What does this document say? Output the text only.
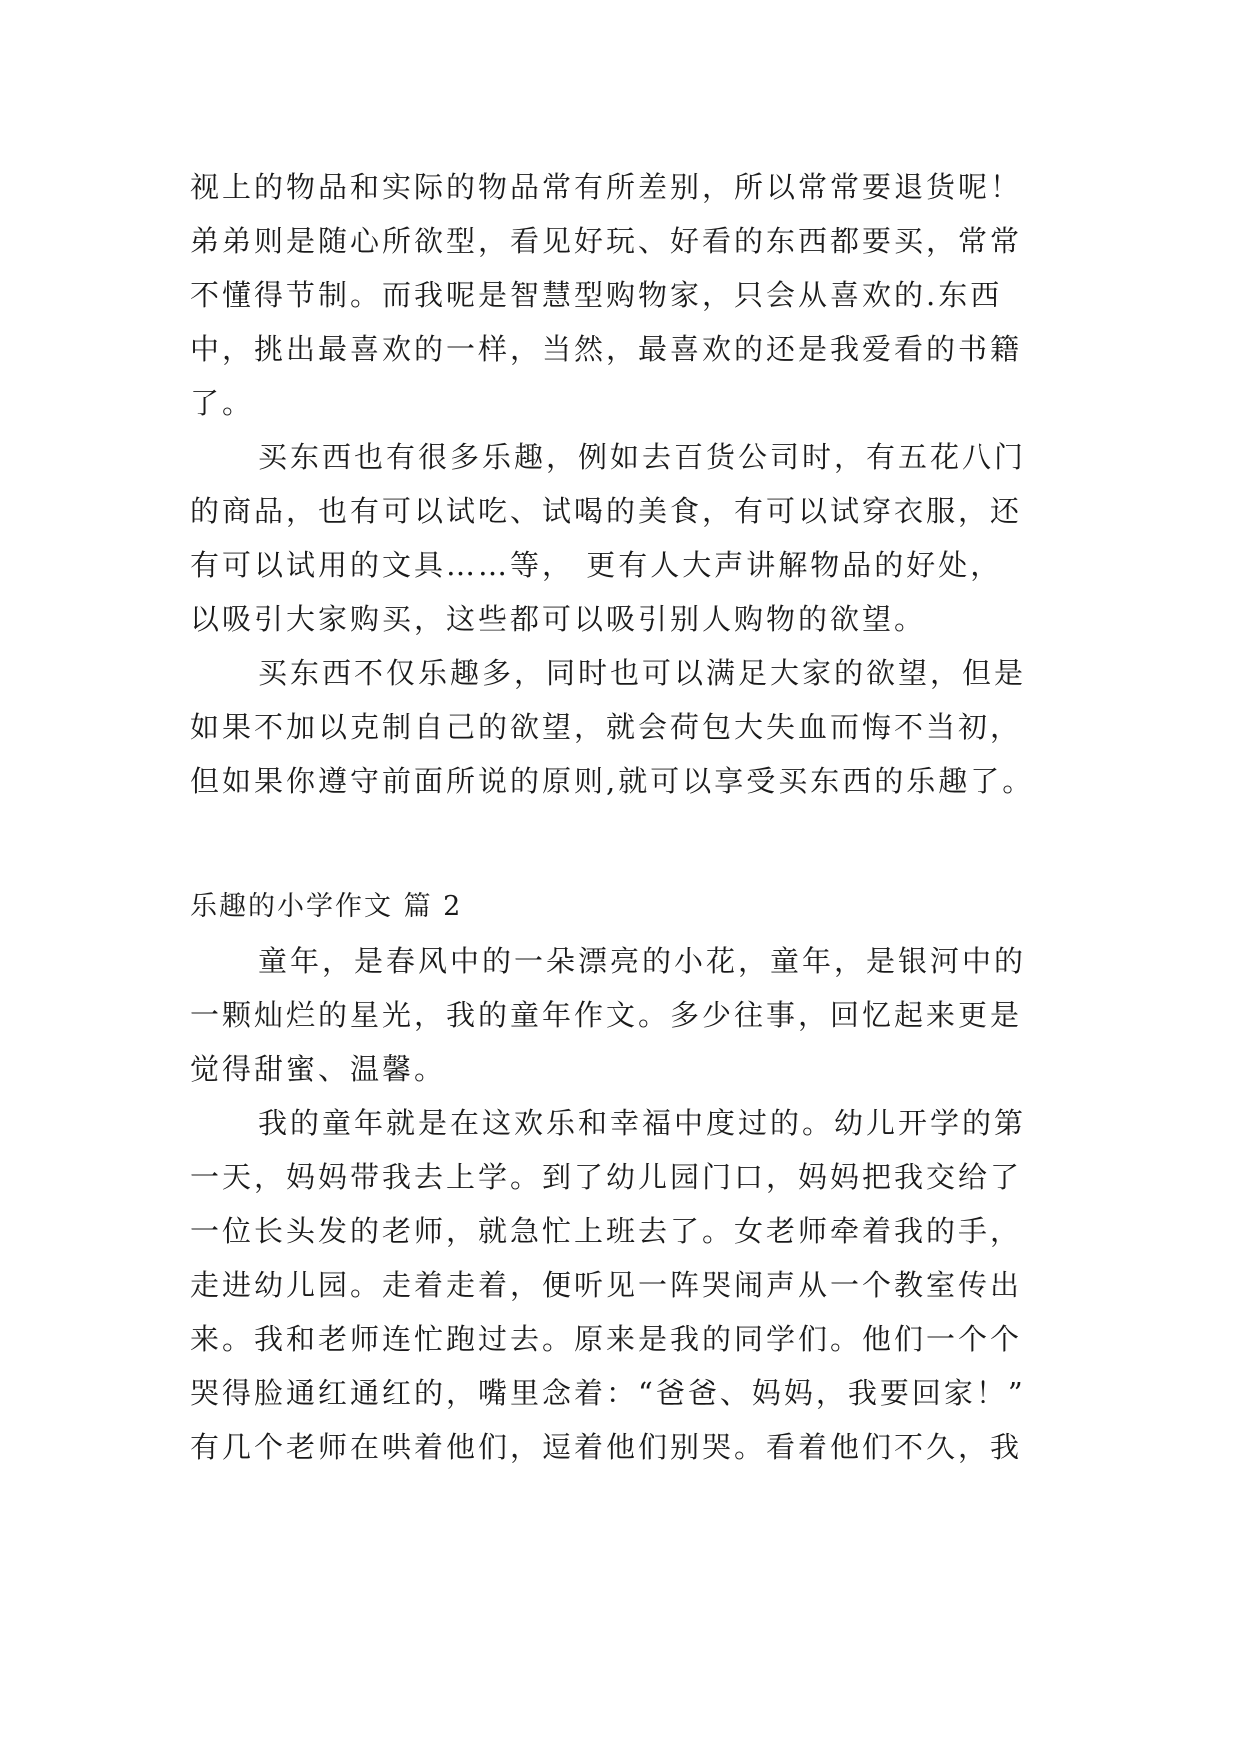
视上的物品和实际的物品常有所差别，所以常常要退货呢！
弟弟则是随心所欲型，看见好玩、好看的东西都要买，常常
不懂得节制。而我呢是智慧型购物家，只会从喜欢的.东西
中，挑出最喜欢的一样，当然，最喜欢的还是我爱看的书籍
了。
买东西也有很多乐趣，例如去百货公司时，有五花八门
的商品，也有可以试吃、试喝的美食，有可以试穿衣服，还
有可以试用的文具……等， 更有人大声讲解物品的好处，
以吸引大家购买，这些都可以吸引别人购物的欲望。
买东西不仅乐趣多，同时也可以满足大家的欲望，但是
如果不加以克制自己的欲望，就会荷包大失血而悔不当初，
但如果你遵守前面所说的原则,就可以享受买东西的乐趣了。
乐趣的小学作文 篇 2
童年，是春风中的一朵漂亮的小花，童年，是银河中的
一颗灿烂的星光，我的童年作文。多少往事，回忆起来更是
觉得甜蜜、温馨。
我的童年就是在这欢乐和幸福中度过的。幼儿开学的第
一天，妈妈带我去上学。到了幼儿园门口，妈妈把我交给了
一位长头发的老师，就急忙上班去了。女老师牵着我的手，
走进幼儿园。走着走着，便听见一阵哭闹声从一个教室传出
来。我和老师连忙跑过去。原来是我的同学们。他们一个个
哭得脸通红通红的，嘴里念着：“爸爸、妈妈，我要回家！”
有几个老师在哄着他们，逗着他们别哭。看着他们不久，我
